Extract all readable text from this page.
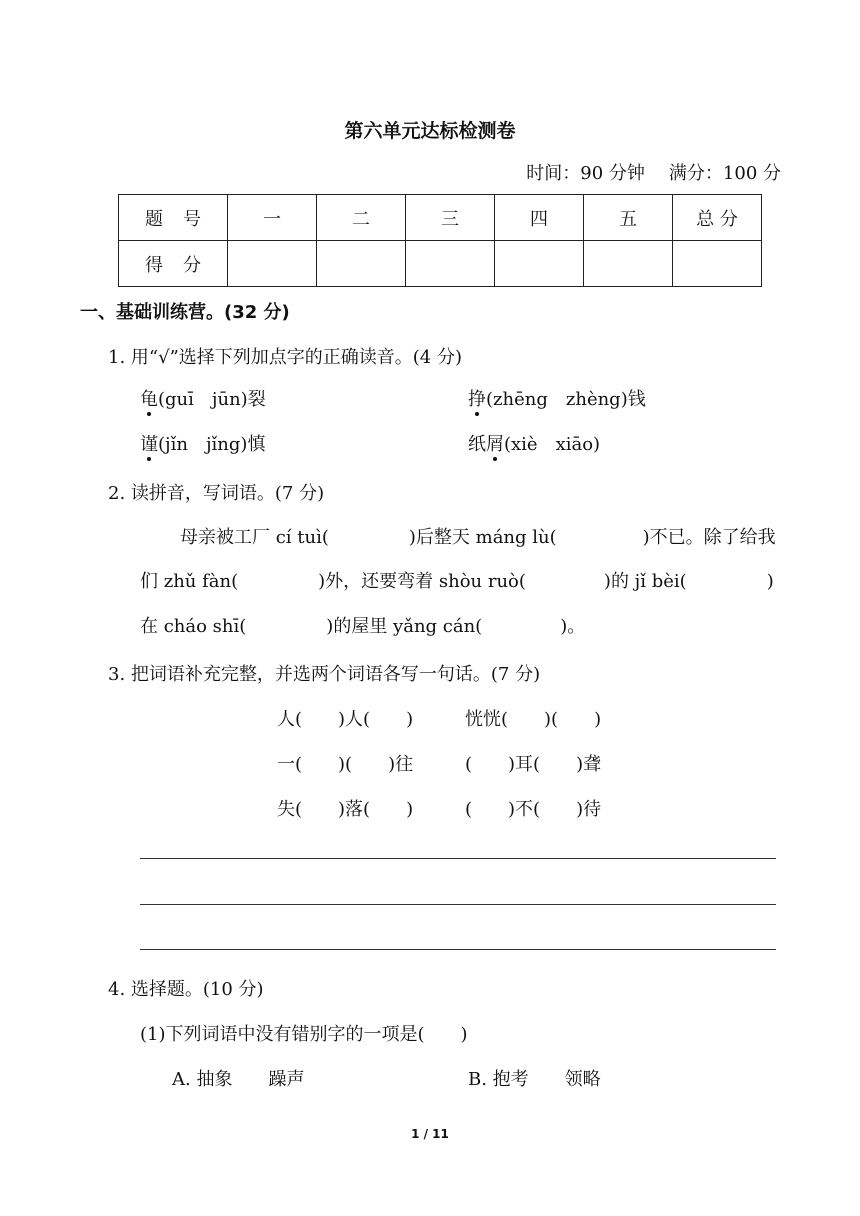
第六单元达标检测卷
时间：90 分钟 满分：100 分
题号	一	二	三	四	五	总 分
得分						
一、基础训练营。(32 分)
1. 用“√”选择下列加点字的正确读音。(4 分)
龟(guī　jūn)裂	挣(zhēng　zhèng)钱
谨(jǐn　jǐng)慎	纸屑(xiè　xiāo)
2. 读拼音，写词语。(7 分)
母亲被工厂 cí tuì(	)后整天 máng lù(	)不已。除了给我
们 zhǔ fàn(	)外，还要弯着 shòu ruò(	)的 jǐ bèi(	)
在 cháo shī(	)的屋里 yǎng cán(	)。
3. 把词语补充完整，并选两个词语各写一句话。(7 分)
人(　　)人(　　)	恍恍(　　)(　　)
一(　　)(　　)往	(　　)耳(　　)聋
失(　　)落(　　)	(　　)不(　　)待
4. 选择题。(10 分)
(1)下列词语中没有错别字的一项是(　　)
A. 抽象　　躁声	B. 抱考　　领略
1 / 11
